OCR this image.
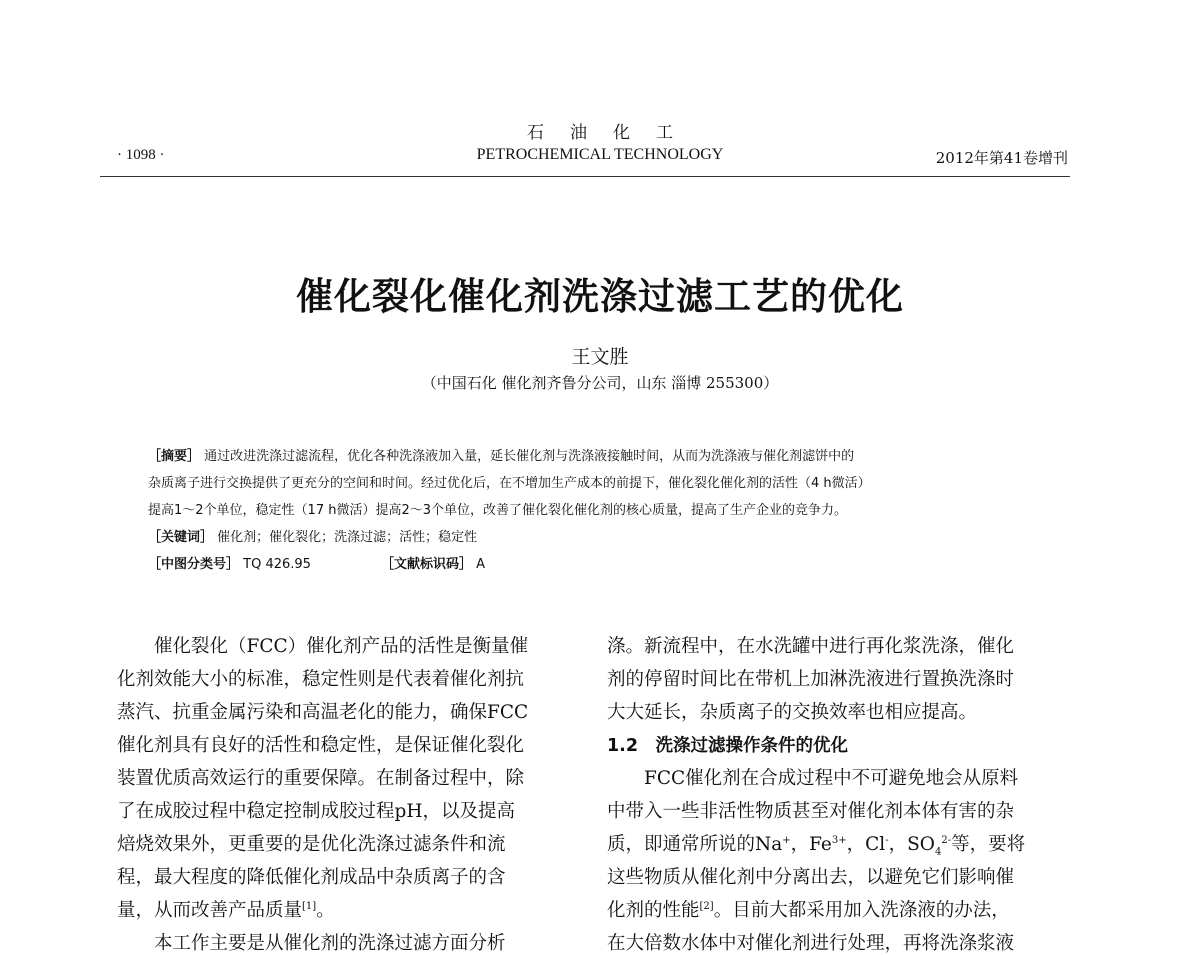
石油化工
· 1098 ·	PETROCHEMICAL TECHNOLOGY	2012年第41卷增刊
催化裂化催化剂洗涤过滤工艺的优化
王文胜
（中国石化 催化剂齐鲁分公司，山东 淄博 255300）
［摘要］ 通过改进洗涤过滤流程，优化各种洗涤液加入量，延长催化剂与洗涤液接触时间，从而为洗涤液与催化剂滤饼中的
杂质离子进行交换提供了更充分的空间和时间。经过优化后，在不增加生产成本的前提下，催化裂化催化剂的活性（4 h微活）
提高1～2个单位，稳定性（17 h微活）提高2～3个单位，改善了催化裂化催化剂的核心质量，提高了生产企业的竞争力。
［关键词］ 催化剂；催化裂化；洗涤过滤；活性；稳定性
［中图分类号］ TQ 426.95	［文献标识码］ A
　　催化裂化（FCC）催化剂产品的活性是衡量催
化剂效能大小的标准，稳定性则是代表着催化剂抗
蒸汽、抗重金属污染和高温老化的能力，确保FCC
催化剂具有良好的活性和稳定性，是保证催化裂化
装置优质高效运行的重要保障。在制备过程中，除
了在成胶过程中稳定控制成胶过程pH，以及提高
焙烧效果外，更重要的是优化洗涤过滤条件和流
程，最大程度的降低催化剂成品中杂质离子的含
量，从而改善产品质量[1]。
　　本工作主要是从催化剂的洗涤过滤方面分析
涤。新流程中，在水洗罐中进行再化浆洗涤，催化
剂的停留时间比在带机上加淋洗液进行置换洗涤时
大大延长，杂质离子的交换效率也相应提高。
1.2　洗涤过滤操作条件的优化
　　FCC催化剂在合成过程中不可避免地会从原料
中带入一些非活性物质甚至对催化剂本体有害的杂
质，即通常所说的Na+，$Fe^{3+}$，Cl-，$SO_4^{2-}$等，要将
这些物质从催化剂中分离出去，以避免它们影响催
化剂的性能[2]。目前大都采用加入洗涤液的办法，
在大倍数水体中对催化剂进行处理，再将洗涤浆液
